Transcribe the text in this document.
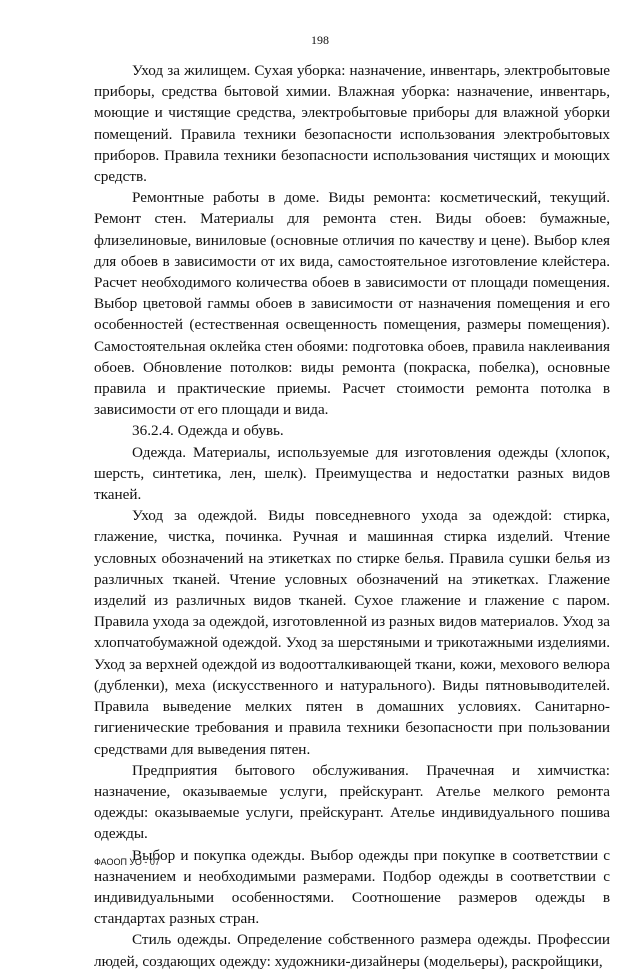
198

Уход за жилищем. Сухая уборка: назначение, инвентарь, электробытовые приборы, средства бытовой химии. Влажная уборка: назначение, инвентарь, моющие и чистящие средства, электробытовые приборы для влажной уборки помещений. Правила техники безопасности использования электробытовых приборов. Правила техники безопасности использования чистящих и моющих средств.

Ремонтные работы в доме. Виды ремонта: косметический, текущий. Ремонт стен. Материалы для ремонта стен. Виды обоев: бумажные, флизелиновые, виниловые (основные отличия по качеству и цене). Выбор клея для обоев в зависимости от их вида, самостоятельное изготовление клейстера. Расчет необходимого количества обоев в зависимости от площади помещения. Выбор цветовой гаммы обоев в зависимости от назначения помещения и его особенностей (естественная освещенность помещения, размеры помещения). Самостоятельная оклейка стен обоями: подготовка обоев, правила наклеивания обоев. Обновление потолков: виды ремонта (покраска, побелка), основные правила и практические приемы. Расчет стоимости ремонта потолка в зависимости от его площади и вида.

36.2.4. Одежда и обувь.

Одежда. Материалы, используемые для изготовления одежды (хлопок, шерсть, синтетика, лен, шелк). Преимущества и недостатки разных видов тканей.

Уход за одеждой. Виды повседневного ухода за одеждой: стирка, глажение, чистка, починка. Ручная и машинная стирка изделий. Чтение условных обозначений на этикетках по стирке белья. Правила сушки белья из различных тканей. Чтение условных обозначений на этикетках. Глажение изделий из различных видов тканей. Сухое глажение и глажение с паром. Правила ухода за одеждой, изготовленной из разных видов материалов. Уход за хлопчатобумажной одеждой. Уход за шерстяными и трикотажными изделиями. Уход за верхней одеждой из водоотталкивающей ткани, кожи, мехового велюра (дубленки), меха (искусственного и натурального). Виды пятновыводителей. Правила выведение мелких пятен в домашних условиях. Санитарно-гигиенические требования и правила техники безопасности при пользовании средствами для выведения пятен.

Предприятия бытового обслуживания. Прачечная и химчистка: назначение, оказываемые услуги, прейскурант. Ателье мелкого ремонта одежды: оказываемые услуги, прейскурант. Ателье индивидуального пошива одежды.

Выбор и покупка одежды. Выбор одежды при покупке в соответствии с назначением и необходимыми размерами. Подбор одежды в соответствии с индивидуальными особенностями. Соотношение размеров одежды в стандартах разных стран.

Стиль одежды. Определение собственного размера одежды. Профессии людей, создающих одежду: художники-дизайнеры (модельеры), раскройщики,

ФАООП УО - 07
